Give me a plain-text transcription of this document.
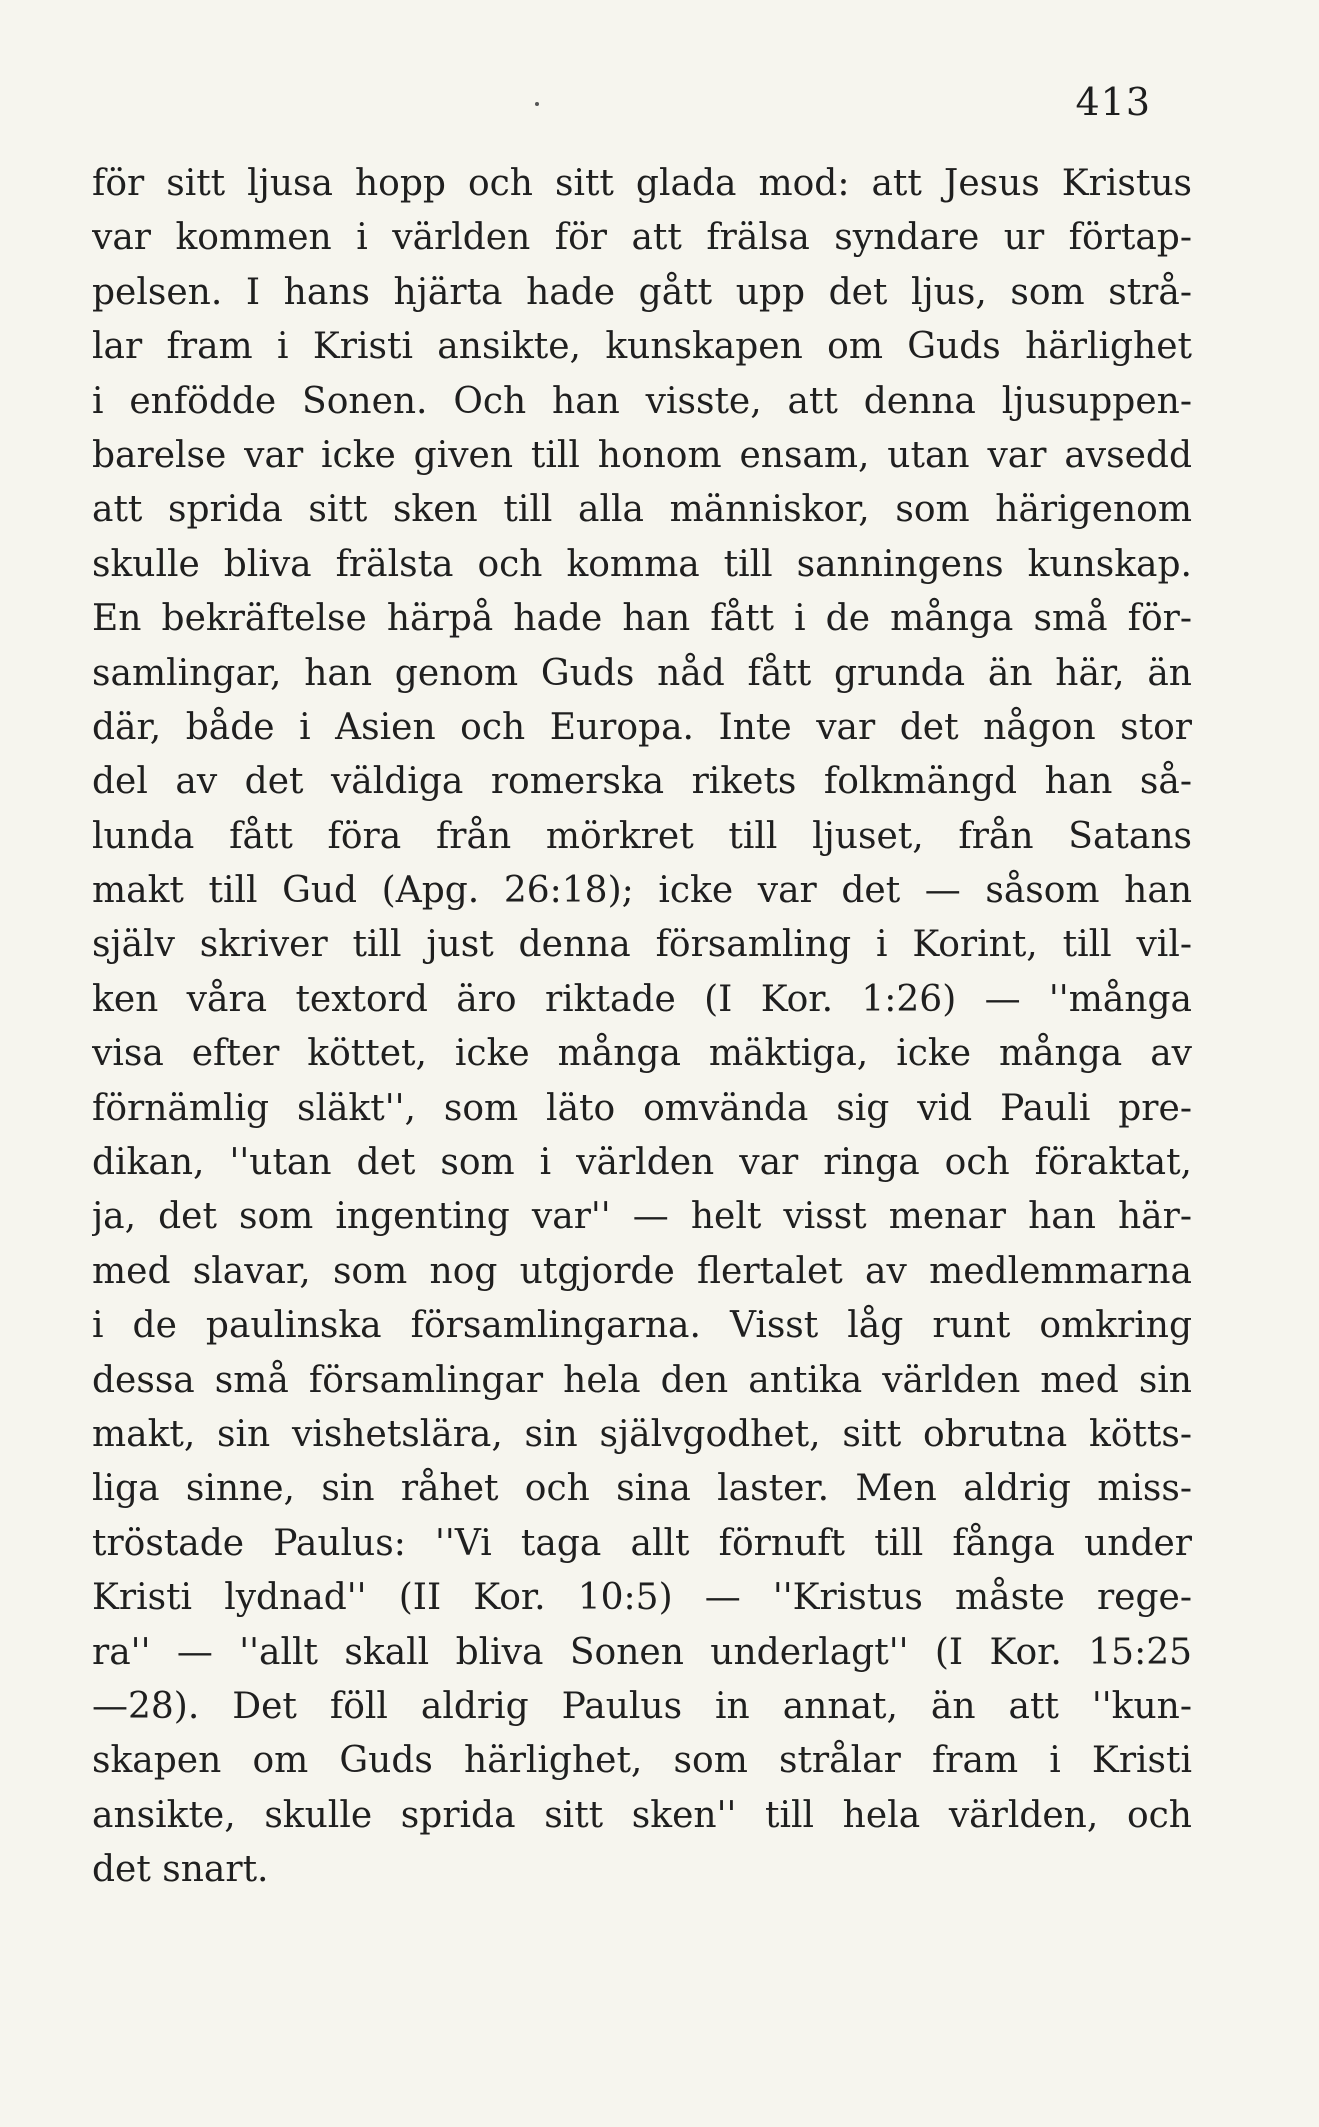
413
för sitt ljusa hopp och sitt glada mod: att Jesus Kristus
var kommen i världen för att frälsa syndare ur förtap-
pelsen. I hans hjärta hade gått upp det ljus, som strå-
lar fram i Kristi ansikte, kunskapen om Guds härlighet
i enfödde Sonen. Och han visste, att denna ljusuppen-
barelse var icke given till honom ensam, utan var avsedd
att sprida sitt sken till alla människor, som härigenom
skulle bliva frälsta och komma till sanningens kunskap.
En bekräftelse härpå hade han fått i de många små för-
samlingar, han genom Guds nåd fått grunda än här, än
där, både i Asien och Europa. Inte var det någon stor
del av det väldiga romerska rikets folkmängd han så-
lunda fått föra från mörkret till ljuset, från Satans
makt till Gud (Apg. 26:18); icke var det — såsom han
själv skriver till just denna församling i Korint, till vil-
ken våra textord äro riktade (I Kor. 1:26) — ''många
visa efter köttet, icke många mäktiga, icke många av
förnämlig släkt'', som läto omvända sig vid Pauli pre-
dikan, ''utan det som i världen var ringa och föraktat,
ja, det som ingenting var'' — helt visst menar han här-
med slavar, som nog utgjorde flertalet av medlemmarna
i de paulinska församlingarna. Visst låg runt omkring
dessa små församlingar hela den antika världen med sin
makt, sin vishetslära, sin självgodhet, sitt obrutna kötts-
liga sinne, sin råhet och sina laster. Men aldrig miss-
tröstade Paulus: ''Vi taga allt förnuft till fånga under
Kristi lydnad'' (II Kor. 10:5) — ''Kristus måste rege-
ra'' — ''allt skall bliva Sonen underlagt'' (I Kor. 15:25
—28). Det föll aldrig Paulus in annat, än att ''kun-
skapen om Guds härlighet, som strålar fram i Kristi
ansikte, skulle sprida sitt sken'' till hela världen, och
det snart.
